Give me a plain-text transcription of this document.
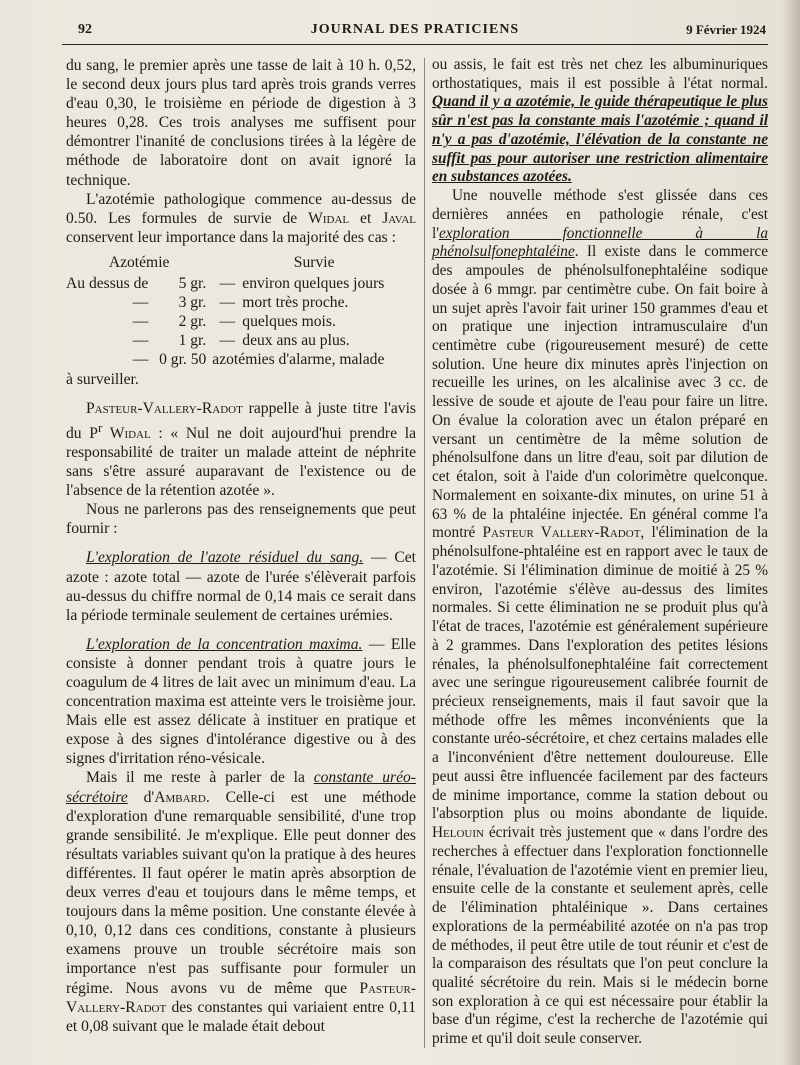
92	JOURNAL DES PRATICIENS	9 Février 1924

du sang, le premier après une tasse de lait à 10 h. 0,52, le second deux jours plus tard après trois grands verres d'eau 0,30, le troisième en période de digestion à 3 heures 0,28. Ces trois analyses me suffisent pour démontrer l'inanité de conclusions tirées à la légère de méthode de laboratoire dont on avait ignoré la technique.

L'azotémie pathologique commence au-dessus de 0.50. Les formules de survie de Widal et Javal conservent leur importance dans la majorité des cas :

Azotémie		Survie	
Au dessus de	5 gr.	—	environ quelques jours
—	3 gr.	—	mort très proche.
—	2 gr.	—	quelques mois.
—	1 gr.	—	deux ans au plus.
—	0 gr. 50	azotémies d'alarme, malade	

à surveiller.

Pasteur-Vallery-Radot rappelle à juste titre l'avis du $P^r$ Widal : « Nul ne doit aujourd'hui prendre la responsabilité de traiter un malade atteint de néphrite sans s'être assuré auparavant de l'existence ou de l'absence de la rétention azotée ».

Nous ne parlerons pas des renseignements que peut fournir :

L'exploration de l'azote résiduel du sang. — Cet azote : azote total — azote de l'urée s'élèverait parfois au-dessus du chiffre normal de 0,14 mais ce serait dans la période terminale seulement de certaines urémies.

L'exploration de la concentration maxima. — Elle consiste à donner pendant trois à quatre jours le coagulum de 4 litres de lait avec un minimum d'eau. La concentration maxima est atteinte vers le troisième jour. Mais elle est assez délicate à instituer en pratique et expose à des signes d'intolérance digestive ou à des signes d'irritation réno-vésicale.

Mais il me reste à parler de la constante uréo-sécrétoire d'Ambard. Celle-ci est une méthode d'exploration d'une remarquable sensibilité, d'une trop grande sensibilité. Je m'explique. Elle peut donner des résultats variables suivant qu'on la pratique à des heures différentes. Il faut opérer le matin après absorption de deux verres d'eau et toujours dans le même temps, et toujours dans la même position. Une constante élevée à 0,10, 0,12 dans ces conditions, constante à plusieurs examens prouve un trouble sécrétoire mais son importance n'est pas suffisante pour formuler un régime. Nous avons vu de même que Pasteur-Vallery-Radot des constantes qui variaient entre 0,11 et 0,08 suivant que le malade était debout

ou assis, le fait est très net chez les albuminuriques orthostatiques, mais il est possible à l'état normal. Quand il y a azotémie, le guide thérapeutique le plus sûr n'est pas la constante mais l'azotémie ; quand il n'y a pas d'azotémie, l'élévation de la constante ne suffit pas pour autoriser une restriction alimentaire en substances azotées.

Une nouvelle méthode s'est glissée dans ces dernières années en pathologie rénale, c'est l'exploration fonctionnelle à la phénolsulfonephtaléine. Il existe dans le commerce des ampoules de phénolsulfonephtaléine sodique dosée à 6 mmgr. par centimètre cube. On fait boire à un sujet après l'avoir fait uriner 150 grammes d'eau et on pratique une injection intramusculaire d'un centimètre cube (rigoureusement mesuré) de cette solution. Une heure dix minutes après l'injection on recueille les urines, on les alcalinise avec 3 cc. de lessive de soude et ajoute de l'eau pour faire un litre. On évalue la coloration avec un étalon préparé en versant un centimètre de la même solution de phénolsulfone dans un litre d'eau, soit par dilution de cet étalon, soit à l'aide d'un colorimètre quelconque. Normalement en soixante-dix minutes, on urine 51 à 63 % de la phtaléine injectée. En général comme l'a montré Pasteur Vallery-Radot, l'élimination de la phénolsulfone-phtaléine est en rapport avec le taux de l'azotémie. Si l'élimination diminue de moitié à 25 % environ, l'azotémie s'élève au-dessus des limites normales. Si cette élimination ne se produit plus qu'à l'état de traces, l'azotémie est généralement supérieure à 2 grammes. Dans l'exploration des petites lésions rénales, la phénolsulfonephtaléine fait correctement avec une seringue rigoureusement calibrée fournit de précieux renseignements, mais il faut savoir que la méthode offre les mêmes inconvénients que la constante uréo-sécrétoire, et chez certains malades elle a l'inconvénient d'être nettement douloureuse. Elle peut aussi être influencée facilement par des facteurs de minime importance, comme la station debout ou l'absorption plus ou moins abondante de liquide. Helouin écrivait très justement que « dans l'ordre des recherches à effectuer dans l'exploration fonctionnelle rénale, l'évaluation de l'azotémie vient en premier lieu, ensuite celle de la constante et seulement après, celle de l'élimination phtaléinique ». Dans certaines explorations de la perméabilité azotée on n'a pas trop de méthodes, il peut être utile de tout réunir et c'est de la comparaison des résultats que l'on peut conclure la qualité sécrétoire du rein. Mais si le médecin borne son exploration à ce qui est nécessaire pour établir la base d'un régime, c'est la recherche de l'azotémie qui prime et qu'il doit seule conserver.
